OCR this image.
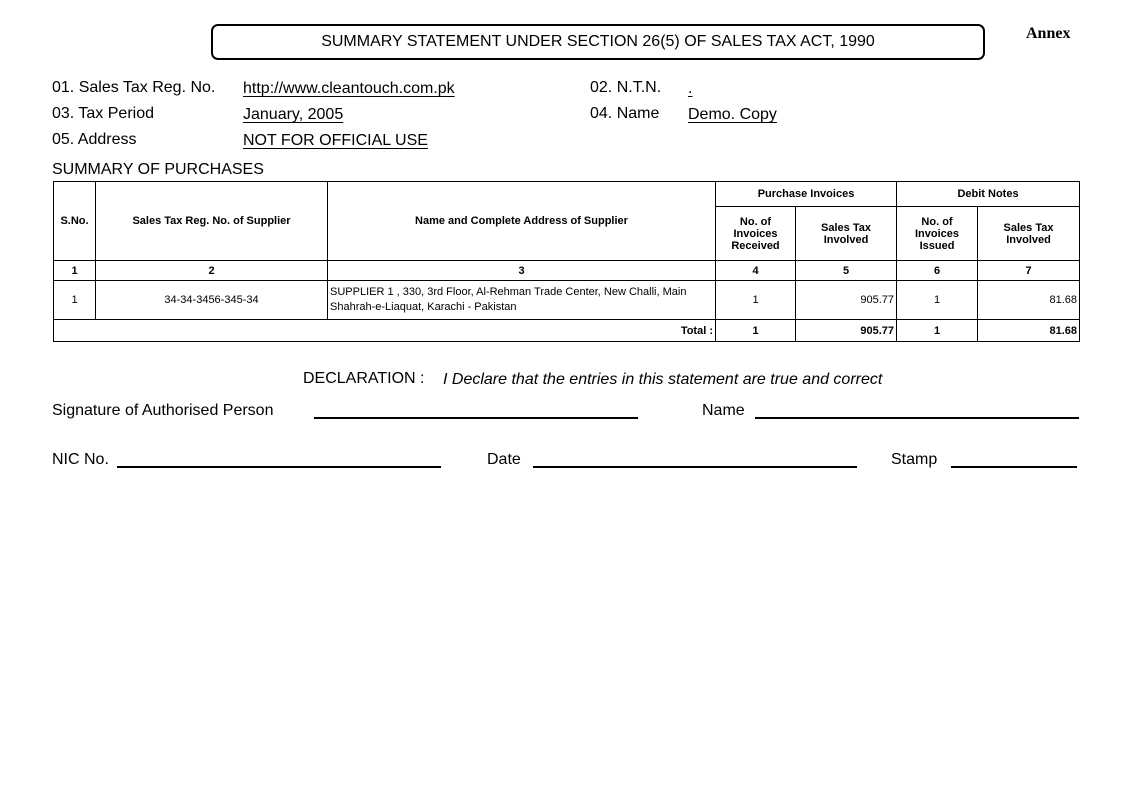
SUMMARY STATEMENT UNDER SECTION 26(5) OF SALES TAX ACT, 1990	Annex
01. Sales Tax Reg. No. http://www.cleantouch.com.pk	02. N.T.N. .
03. Tax Period	January, 2005	04. Name Demo. Copy
05. Address	NOT FOR OFFICIAL USE
SUMMARY OF PURCHASES
S.No.	Sales Tax Reg. No. of Supplier	Name and Complete Address of Supplier	Purchase Invoices		Debit Notes	
			No. of Invoices Received	Sales Tax Involved	No. of Invoices Issued	Sales Tax Involved
1	2	3	4	5	6	7
1	34-34-3456-345-34	SUPPLIER 1 , 330, 3rd Floor, Al-Rehman Trade Center, New Challi, Main Shahrah-e-Liaquat, Karachi - Pakistan	1	905.77	1	81.68
Total :			1	905.77	1	81.68
DECLARATION : I Declare that the entries in this statement are true and correct
Signature of Authorised Person	Name
NIC No.	Date	Stamp
